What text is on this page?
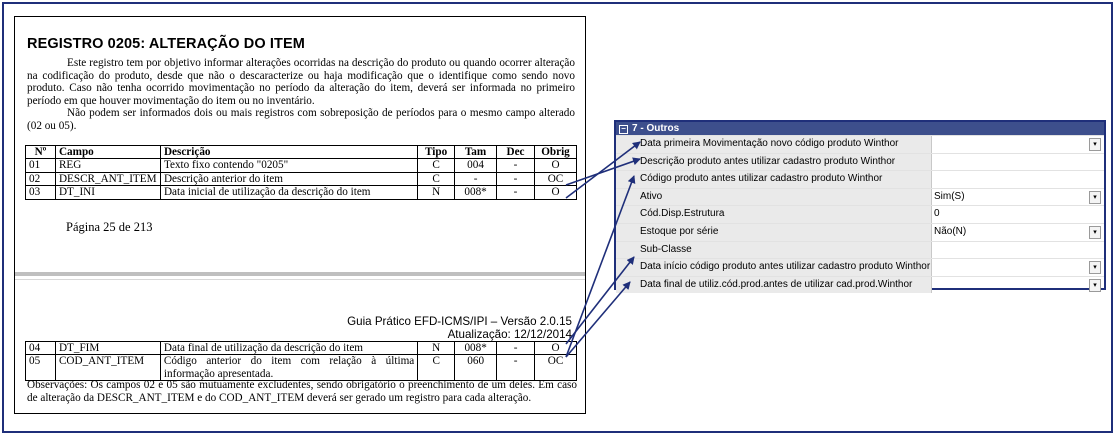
REGISTRO 0205: ALTERAÇÃO DO ITEM

Este registro tem por objetivo informar alterações ocorridas na descrição do produto ou quando ocorrer alteração na codificação do produto, desde que não o descaracterize ou haja modificação que o identifique como sendo novo produto. Caso não tenha ocorrido movimentação no período da alteração do item, deverá ser informada no primeiro período em que houver movimentação do item ou no inventário.

Não podem ser informados dois ou mais registros com sobreposição de períodos para o mesmo campo alterado (02 ou 05).

Nº	Campo	Descrição	Tipo	Tam	Dec	Obrig
01	REG	Texto fixo contendo "0205"	C	004	-	O
02	DESCR_ANT_ITEM	Descrição anterior do item	C	-	-	OC
03	DT_INI	Data inicial de utilização da descrição do item	N	008*	-	O
Página 25 de 213
Guia Prático EFD-ICMS/IPI – Versão 2.0.15
Atualização: 12/12/2014
04	DT_FIM	Data final de utilização da descrição do item	N	008*	-	O
05	COD_ANT_ITEM	Código anterior do item com relação à última informação apresentada.	C	060	-	OC

Observações: Os campos 02 e 05 são mutuamente excludentes, sendo obrigatório o preenchimento de um deles. Em caso de alteração da DESCR_ANT_ITEM e do COD_ANT_ITEM deverá ser gerado um registro para cada alteração.

− 7 - Outros
Data primeira Movimentação novo código produto Winthor	▾
Descrição produto antes utilizar cadastro produto Winthor
Código produto antes utilizar cadastro produto Winthor
Ativo	Sim(S)	▾
Cód.Disp.Estrutura	0
Estoque por série	Não(N)	▾
Sub-Classe
Data início código produto antes utilizar cadastro produto Winthor	▾
Data final de utiliz.cód.prod.antes de utilizar cad.prod.Winthor	▾
